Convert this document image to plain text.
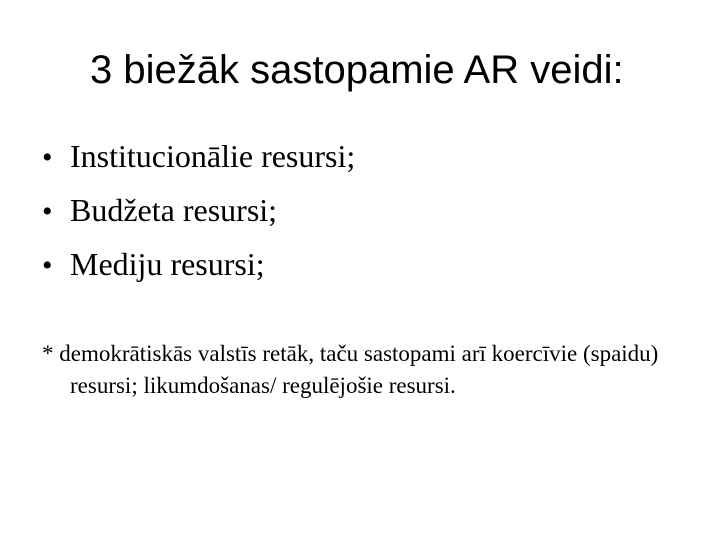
3 biežāk sastopamie AR veidi:
• Institucionālie resursi;
• Budžeta resursi;
• Mediju resursi;

* demokrātiskās valstīs retāk, taču sastopami arī koercīvie (spaidu) resursi; likumdošanas/ regulējošie resursi.
